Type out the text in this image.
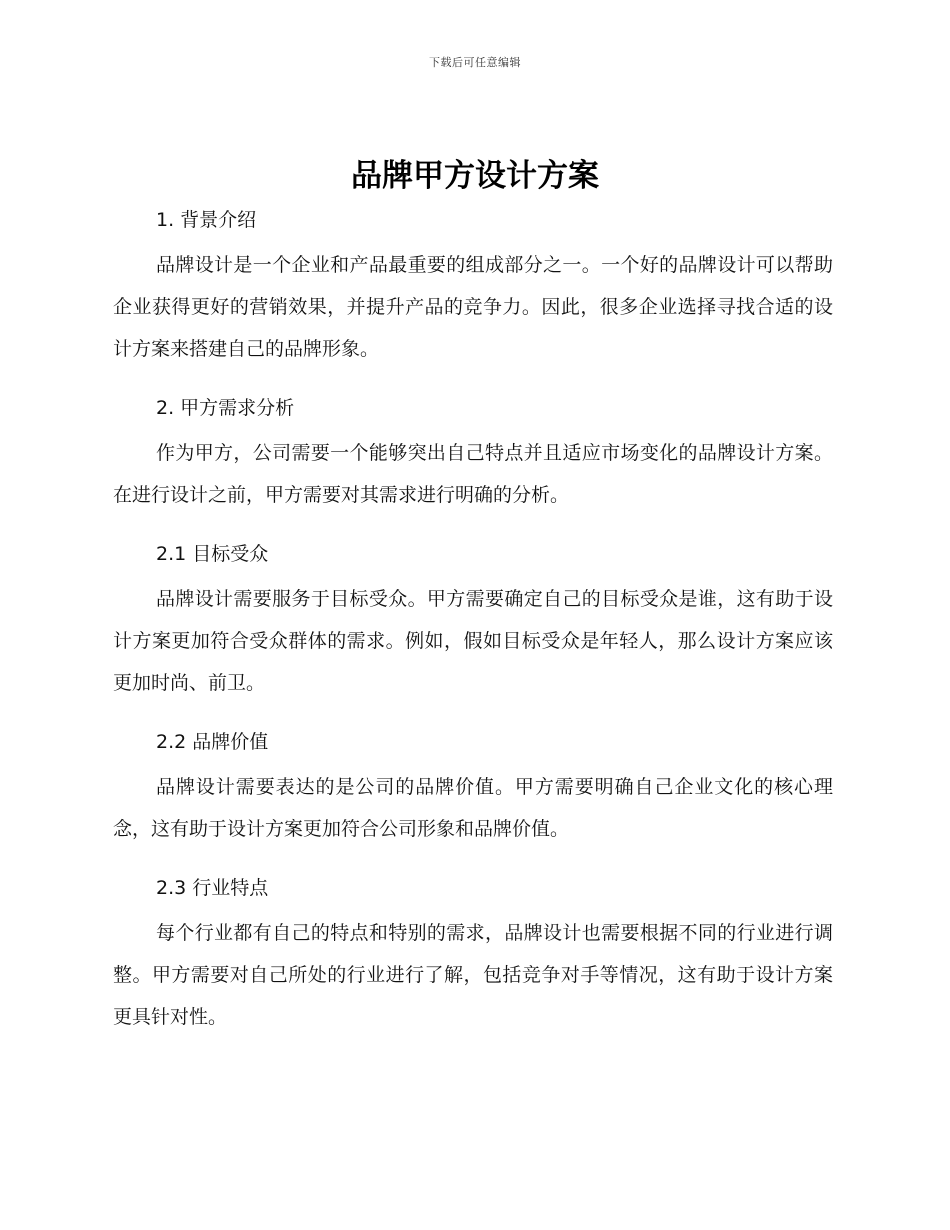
下载后可任意编辑
品牌甲方设计方案
1. 背景介绍

品牌设计是一个企业和产品最重要的组成部分之一。一个好的品牌设计可以帮助企业获得更好的营销效果，并提升产品的竞争力。因此，很多企业选择寻找合适的设计方案来搭建自己的品牌形象。

2. 甲方需求分析

作为甲方，公司需要一个能够突出自己特点并且适应市场变化的品牌设计方案。在进行设计之前，甲方需要对其需求进行明确的分析。

2.1 目标受众

品牌设计需要服务于目标受众。甲方需要确定自己的目标受众是谁，这有助于设计方案更加符合受众群体的需求。例如，假如目标受众是年轻人，那么设计方案应该更加时尚、前卫。

2.2 品牌价值

品牌设计需要表达的是公司的品牌价值。甲方需要明确自己企业文化的核心理念，这有助于设计方案更加符合公司形象和品牌价值。

2.3 行业特点

每个行业都有自己的特点和特别的需求，品牌设计也需要根据不同的行业进行调整。甲方需要对自己所处的行业进行了解，包括竞争对手等情况，这有助于设计方案更具针对性。
